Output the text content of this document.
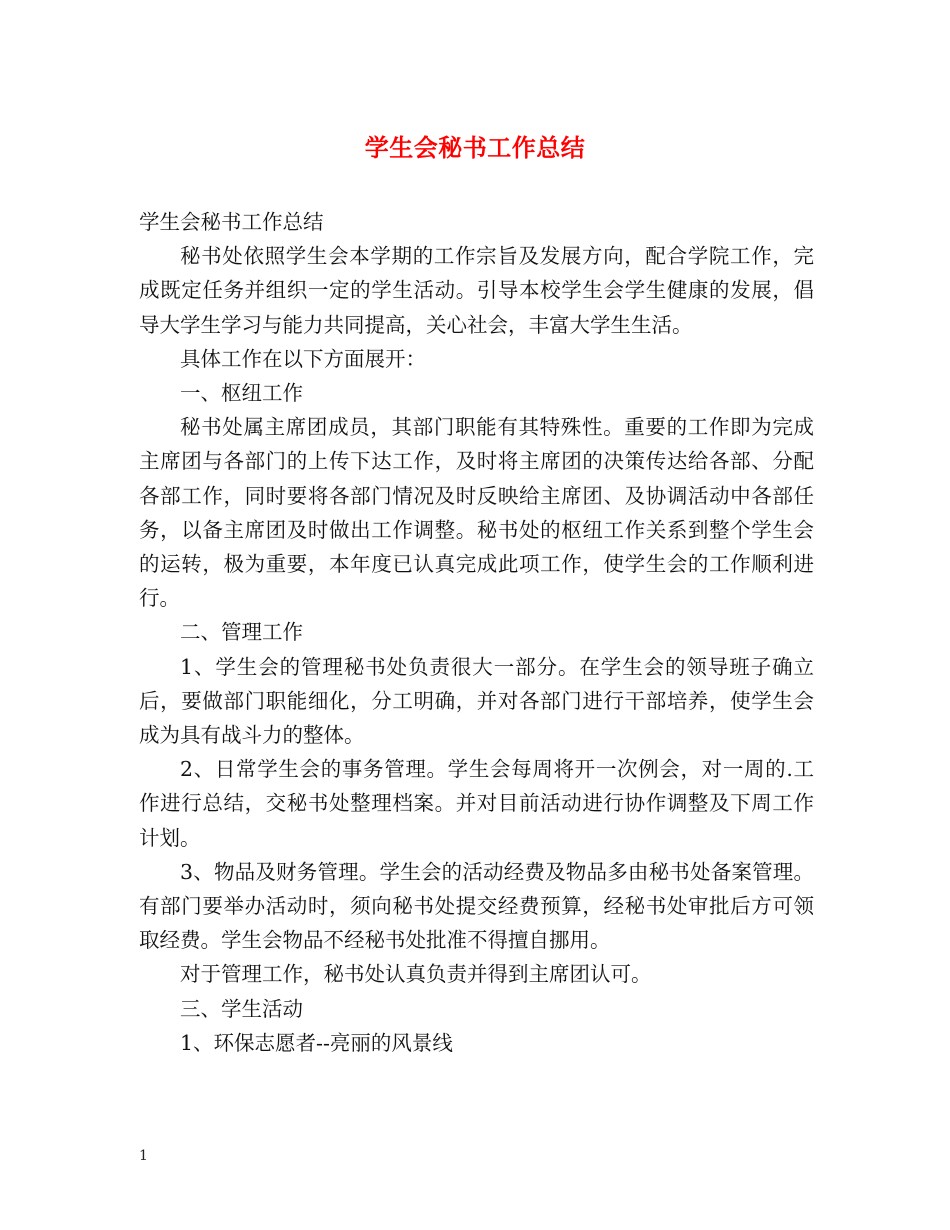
学生会秘书工作总结

学生会秘书工作总结

秘书处依照学生会本学期的工作宗旨及发展方向，配合学院工作，完成既定任务并组织一定的学生活动。引导本校学生会学生健康的发展，倡导大学生学习与能力共同提高，关心社会，丰富大学生生活。

具体工作在以下方面展开：

一、枢纽工作

秘书处属主席团成员，其部门职能有其特殊性。重要的工作即为完成主席团与各部门的上传下达工作，及时将主席团的决策传达给各部、分配各部工作，同时要将各部门情况及时反映给主席团、及协调活动中各部任务，以备主席团及时做出工作调整。秘书处的枢纽工作关系到整个学生会的运转，极为重要，本年度已认真完成此项工作，使学生会的工作顺利进行。

二、管理工作

1、学生会的管理秘书处负责很大一部分。在学生会的领导班子确立后，要做部门职能细化，分工明确，并对各部门进行干部培养，使学生会成为具有战斗力的整体。

2、日常学生会的事务管理。学生会每周将开一次例会，对一周的.工作进行总结，交秘书处整理档案。并对目前活动进行协作调整及下周工作计划。

3、物品及财务管理。学生会的活动经费及物品多由秘书处备案管理。有部门要举办活动时，须向秘书处提交经费预算，经秘书处审批后方可领取经费。学生会物品不经秘书处批准不得擅自挪用。

对于管理工作，秘书处认真负责并得到主席团认可。

三、学生活动

1、环保志愿者--亮丽的风景线

1
